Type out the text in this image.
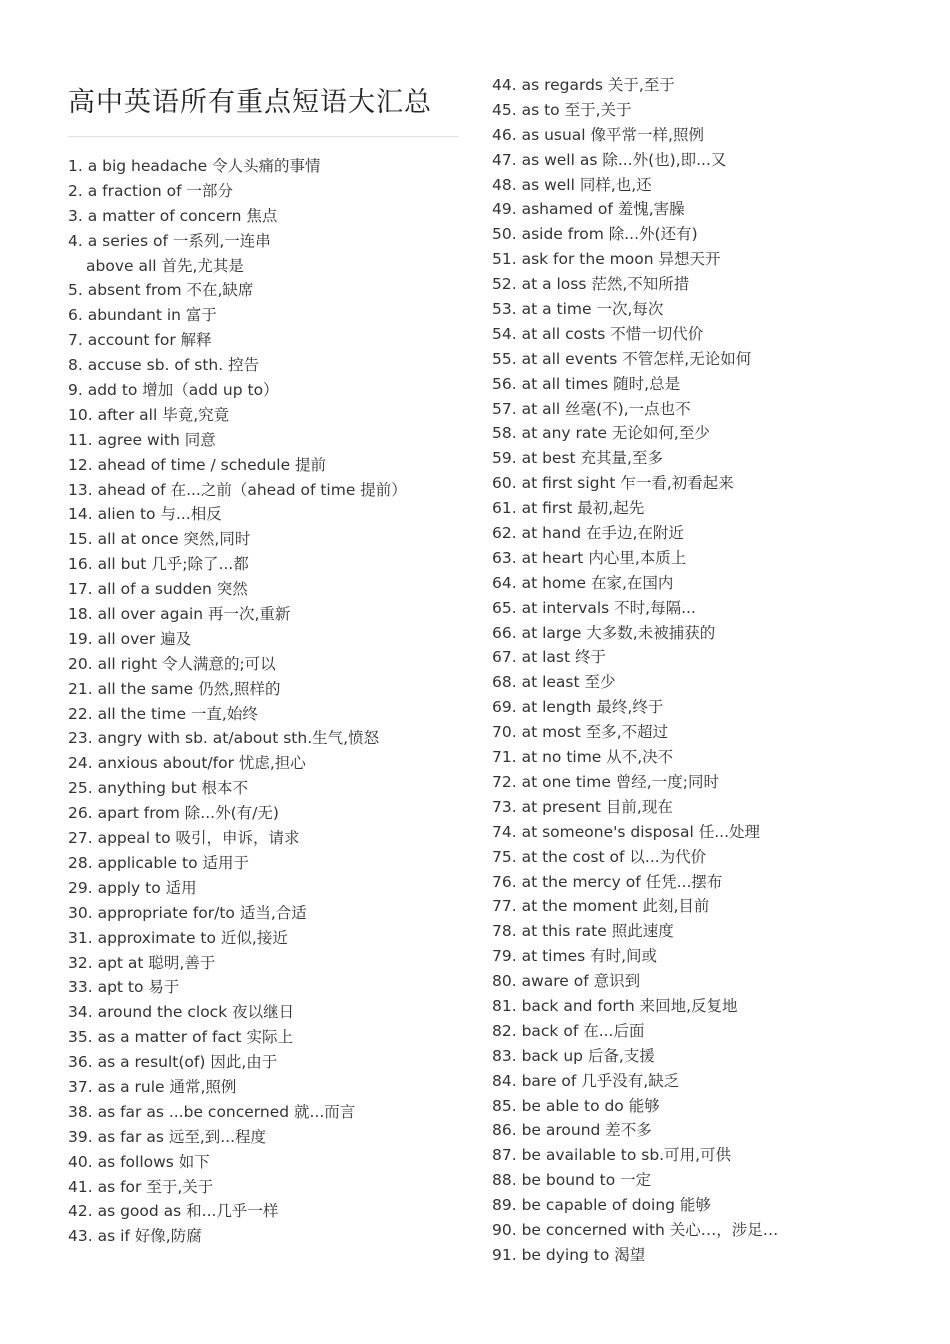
高中英语所有重点短语大汇总
1. a big headache 令人头痛的事情
2. a fraction of 一部分
3. a matter of concern 焦点
4. a series of 一系列,一连串
above all 首先,尤其是
5. absent from 不在,缺席
6. abundant in 富于
7. account for 解释
8. accuse sb. of sth. 控告
9. add to 增加（add up to）
10. after all 毕竟,究竟
11. agree with 同意
12. ahead of time / schedule 提前
13. ahead of 在...之前（ahead of time 提前）
14. alien to 与...相反
15. all at once 突然,同时
16. all but 几乎;除了...都
17. all of a sudden 突然
18. all over again 再一次,重新
19. all over 遍及
20. all right 令人满意的;可以
21. all the same 仍然,照样的
22. all the time 一直,始终
23. angry with sb. at/about sth.生气,愤怒
24. anxious about/for 忧虑,担心
25. anything but 根本不
26. apart from 除...外(有/无)
27. appeal to 吸引，申诉，请求
28. applicable to 适用于
29. apply to 适用
30. appropriate for/to 适当,合适
31. approximate to 近似,接近
32. apt at 聪明,善于
33. apt to 易于
34. around the clock 夜以继日
35. as a matter of fact 实际上
36. as a result(of) 因此,由于
37. as a rule 通常,照例
38. as far as ...be concerned 就...而言
39. as far as 远至,到...程度
40. as follows 如下
41. as for 至于,关于
42. as good as 和...几乎一样
43. as if 好像,防腐
44. as regards 关于,至于
45. as to 至于,关于
46. as usual 像平常一样,照例
47. as well as 除...外(也),即...又
48. as well 同样,也,还
49. ashamed of 羞愧,害臊
50. aside from 除...外(还有)
51. ask for the moon 异想天开
52. at a loss 茫然,不知所措
53. at a time 一次,每次
54. at all costs 不惜一切代价
55. at all events 不管怎样,无论如何
56. at all times 随时,总是
57. at all 丝毫(不),一点也不
58. at any rate 无论如何,至少
59. at best 充其量,至多
60. at first sight 乍一看,初看起来
61. at first 最初,起先
62. at hand 在手边,在附近
63. at heart 内心里,本质上
64. at home 在家,在国内
65. at intervals 不时,每隔...
66. at large 大多数,未被捕获的
67. at last 终于
68. at least 至少
69. at length 最终,终于
70. at most 至多,不超过
71. at no time 从不,决不
72. at one time 曾经,一度;同时
73. at present 目前,现在
74. at someone's disposal 任...处理
75. at the cost of 以...为代价
76. at the mercy of 任凭...摆布
77. at the moment 此刻,目前
78. at this rate 照此速度
79. at times 有时,间或
80. aware of 意识到
81. back and forth 来回地,反复地
82. back of 在...后面
83. back up 后备,支援
84. bare of 几乎没有,缺乏
85. be able to do 能够
86. be around 差不多
87. be available to sb.可用,可供
88. be bound to 一定
89. be capable of doing 能够
90. be concerned with 关心…，涉足…
91. be dying to 渴望
